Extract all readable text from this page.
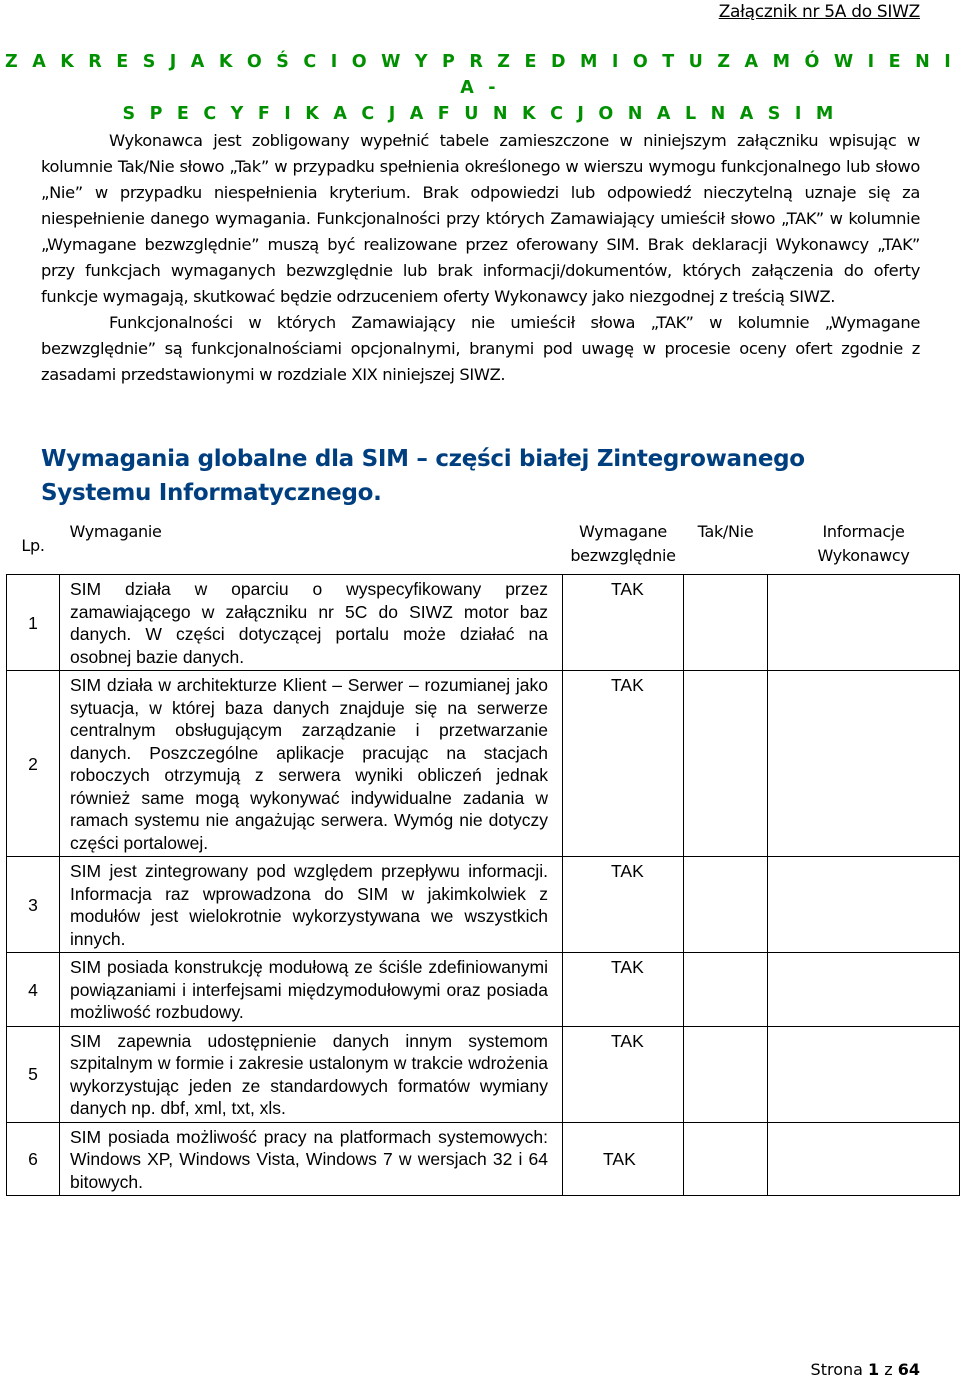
Załącznik nr 5A do SIWZ
Z A K R E S J A K O Ś C I O W Y P R Z E D M I O T U Z A M Ó W I E N I A -
S P E C Y F I K A C J A F U N K C J O N A L N A S I M

Wykonawca jest zobligowany wypełnić tabele zamieszczone w niniejszym załączniku wpisując w kolumnie Tak/Nie słowo „Tak” w przypadku spełnienia określonego w wierszu wymogu funkcjonalnego lub słowo „Nie” w przypadku niespełnienia kryterium. Brak odpowiedzi lub odpowiedź nieczytelną uznaje się za niespełnienie danego wymagania. Funkcjonalności przy których Zamawiający umieścił słowo „TAK” w kolumnie „Wymagane bezwzględnie” muszą być realizowane przez oferowany SIM. Brak deklaracji Wykonawcy „TAK” przy funkcjach wymaganych bezwzględnie lub brak informacji/dokumentów, których załączenia do oferty funkcje wymagają, skutkować będzie odrzuceniem oferty Wykonawcy jako niezgodnej z treścią SIWZ.

Funkcjonalności w których Zamawiający nie umieścił słowa „TAK” w kolumnie „Wymagane bezwzględnie” są funkcjonalnościami opcjonalnymi, branymi pod uwagę w procesie oceny ofert zgodnie z zasadami przedstawionymi w rozdziale XIX niniejszej SIWZ.

Wymagania globalne dla SIM – części białej Zintegrowanego Systemu Informatycznego.
Lp.	Wymaganie	Wymagane bezwzględnie	Tak/Nie	Informacje Wykonawcy
1	SIM działa w oparciu o wyspecyfikowany przez zamawiającego w załączniku nr 5C do SIWZ motor baz danych. W części dotyczącej portalu może działać na osobnej bazie danych.	TAK		
2	SIM działa w architekturze Klient – Serwer – rozumianej jako sytuacja, w której baza danych znajduje się na serwerze centralnym obsługującym zarządzanie i przetwarzanie danych. Poszczególne aplikacje pracując na stacjach roboczych otrzymują z serwera wyniki obliczeń jednak również same mogą wykonywać indywidualne zadania w ramach systemu nie angażując serwera. Wymóg nie dotyczy części portalowej.	TAK		
3	SIM jest zintegrowany pod względem przepływu informacji. Informacja raz wprowadzona do SIM w jakimkolwiek z modułów jest wielokrotnie wykorzystywana we wszystkich innych.	TAK		
4	SIM posiada konstrukcję modułową ze ściśle zdefiniowanymi powiązaniami i interfejsami międzymodułowymi oraz posiada możliwość rozbudowy.	TAK		
5	SIM zapewnia udostępnienie danych innym systemom szpitalnym w formie i zakresie ustalonym w trakcie wdrożenia wykorzystując jeden ze standardowych formatów wymiany danych np. dbf, xml, txt, xls.	TAK		
6	SIM posiada możliwość pracy na platformach systemowych: Windows XP, Windows Vista, Windows 7 w wersjach 32 i 64 bitowych.	TAK		
Strona 1 z 64
